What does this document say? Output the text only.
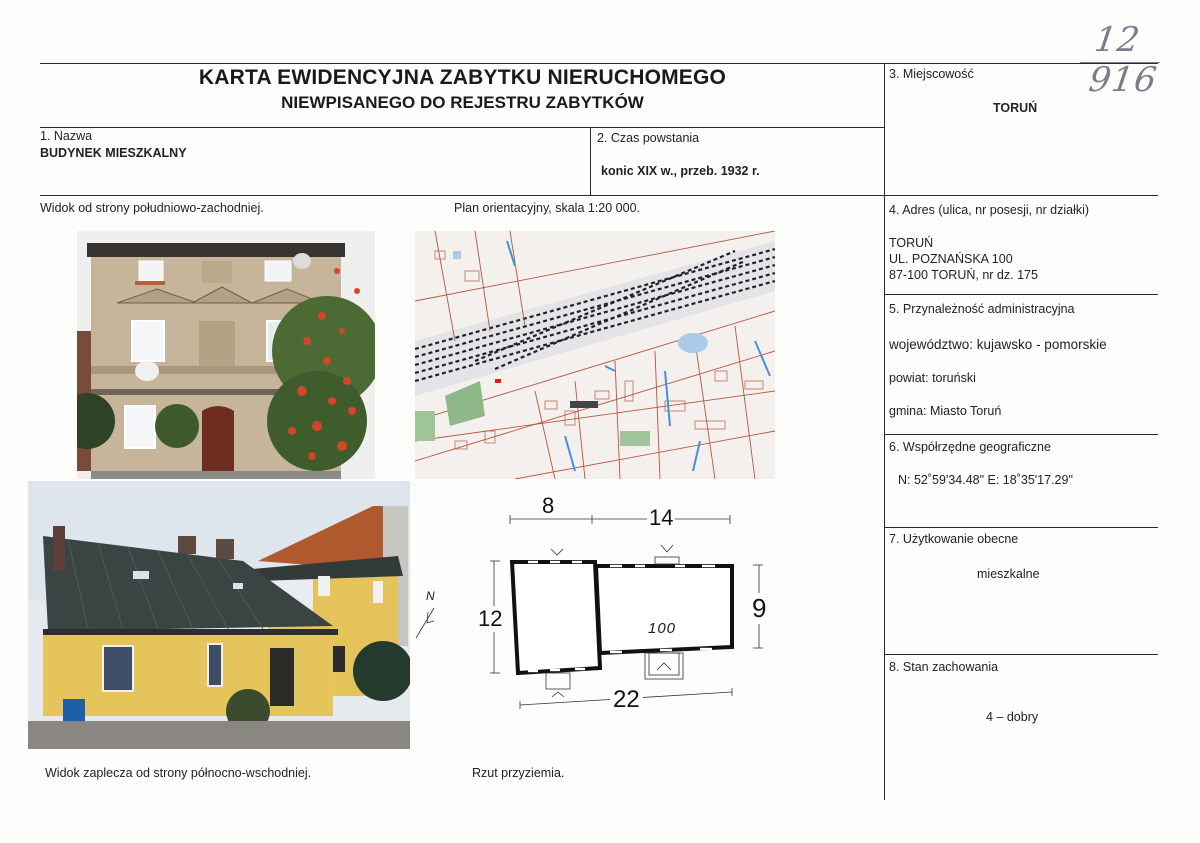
12 916
KARTA EWIDENCYJNA ZABYTKU NIERUCHOMEGO
NIEWPISANEGO DO REJESTRU ZABYTKÓW
1. Nazwa
BUDYNEK MIESZKALNY
2. Czas powstania
konic XIX w., przeb. 1932 r.
3. Miejscowość
TORUŃ
4. Adres (ulica, nr posesji, nr działki)
TORUŃ
UL. POZNAŃSKA 100
87-100 TORUŃ, nr dz. 175
5. Przynależność administracyjna
województwo: kujawsko - pomorskie
powiat: toruński
gmina: Miasto Toruń
6. Współrzędne geograficzne
N: 52˚59'34.48" E: 18˚35'17.29"
7. Użytkowanie obecne
mieszkalne
8. Stan zachowania
4 – dobry
Widok od strony południowo-zachodniej.	Plan orientacyjny, skala 1:20 000.
Widok zaplecza od strony północno-wschodniej.	Rzut przyziemia.
8	14
12	9
22
100
N
